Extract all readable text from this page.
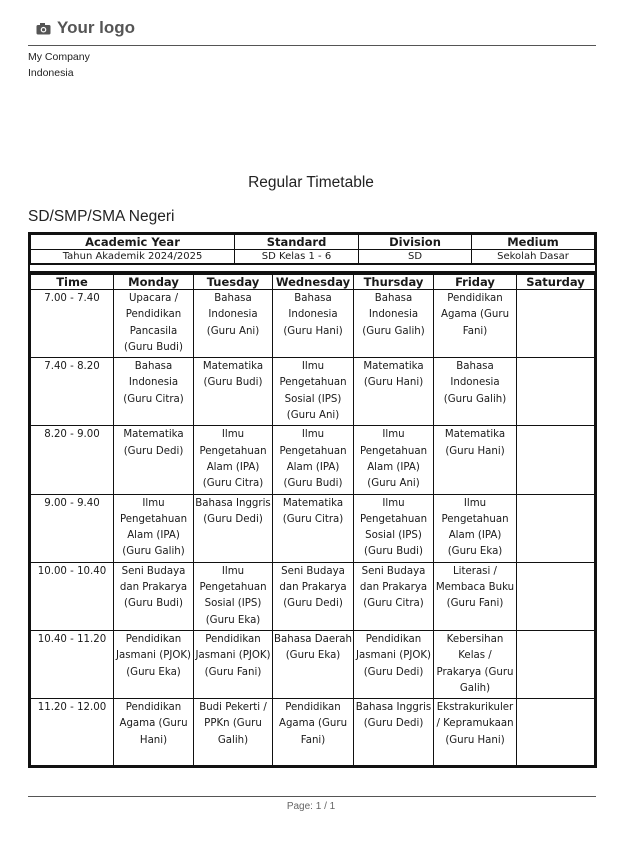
Your logo
My Company
Indonesia
Regular Timetable
SD/SMP/SMA Negeri
Academic Year	Standard	Division	Medium
Tahun Akademik 2024/2025	SD Kelas 1 - 6	SD	Sekolah Dasar
Time	Monday	Tuesday	Wednesday	Thursday	Friday	Saturday
7.00 - 7.40	Upacara / Pendidikan Pancasila (Guru Budi)	Bahasa Indonesia (Guru Ani)	Bahasa Indonesia (Guru Hani)	Bahasa Indonesia (Guru Galih)	Pendidikan Agama (Guru Fani)	
7.40 - 8.20	Bahasa Indonesia (Guru Citra)	Matematika (Guru Budi)	Ilmu Pengetahuan Sosial (IPS) (Guru Ani)	Matematika (Guru Hani)	Bahasa Indonesia (Guru Galih)	
8.20 - 9.00	Matematika (Guru Dedi)	Ilmu Pengetahuan Alam (IPA) (Guru Citra)	Ilmu Pengetahuan Alam (IPA) (Guru Budi)	Ilmu Pengetahuan Alam (IPA) (Guru Ani)	Matematika (Guru Hani)	
9.00 - 9.40	Ilmu Pengetahuan Alam (IPA) (Guru Galih)	Bahasa Inggris (Guru Dedi)	Matematika (Guru Citra)	Ilmu Pengetahuan Sosial (IPS) (Guru Budi)	Ilmu Pengetahuan Alam (IPA) (Guru Eka)	
10.00 - 10.40	Seni Budaya dan Prakarya (Guru Budi)	Ilmu Pengetahuan Sosial (IPS) (Guru Eka)	Seni Budaya dan Prakarya (Guru Dedi)	Seni Budaya dan Prakarya (Guru Citra)	Literasi / Membaca Buku (Guru Fani)	
10.40 - 11.20	Pendidikan Jasmani (PJOK) (Guru Eka)	Pendidikan Jasmani (PJOK) (Guru Fani)	Bahasa Daerah (Guru Eka)	Pendidikan Jasmani (PJOK) (Guru Dedi)	Kebersihan Kelas / Prakarya (Guru Galih)	
11.20 - 12.00	Pendidikan Agama (Guru Hani)	Budi Pekerti / PPKn (Guru Galih)	Pendidikan Agama (Guru Fani)	Bahasa Inggris (Guru Dedi)	Ekstrakurikuler / Kepramukaan (Guru Hani)	
Page: 1 / 1
